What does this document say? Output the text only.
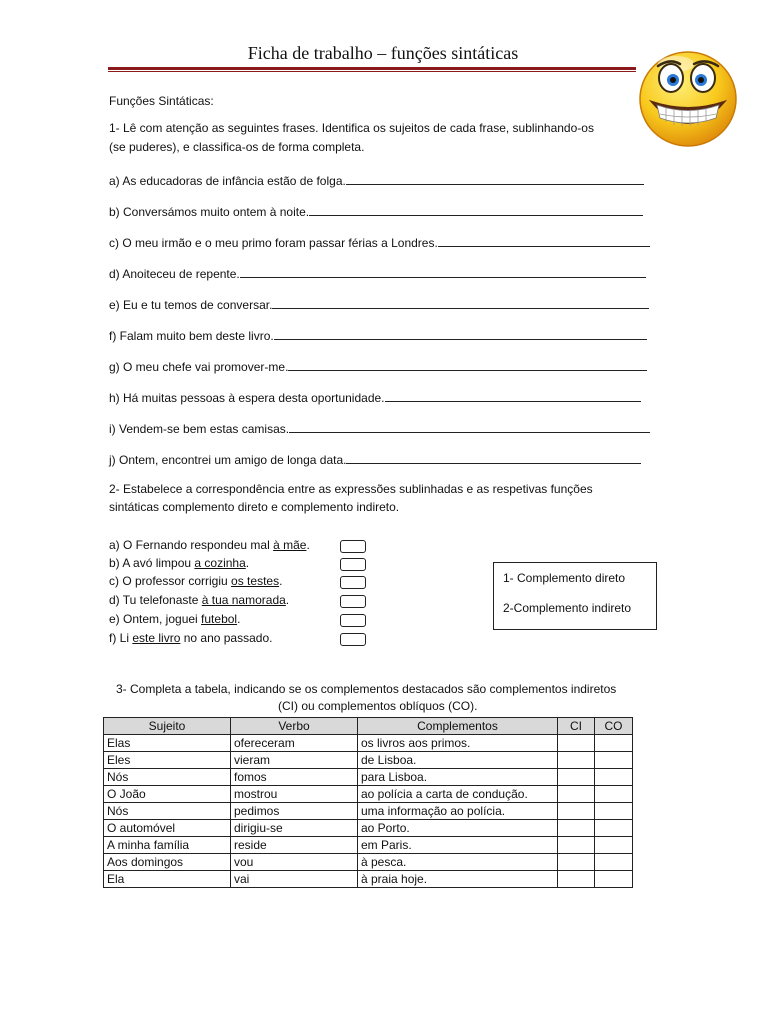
Ficha de trabalho – funções sintáticas
Funções Sintáticas:
1- Lê com atenção as seguintes frases. Identifica os sujeitos de cada frase, sublinhando-os
(se puderes), e classifica-os de forma completa.
a) As educadoras de infância estão de folga.
b) Conversámos muito ontem à noite.
c) O meu irmão e o meu primo foram passar férias a Londres.
d) Anoiteceu de repente.
e) Eu e tu temos de conversar.
f) Falam muito bem deste livro.
g) O meu chefe vai promover-me.
h) Há muitas pessoas à espera desta oportunidade.
i) Vendem-se bem estas camisas.
j) Ontem, encontrei um amigo de longa data.
2- Estabelece a correspondência entre as expressões sublinhadas e as respetivas funções
sintáticas complemento direto e complemento indireto.
a) O Fernando respondeu mal à mãe.
b) A avó limpou a cozinha.
c) O professor corrigiu os testes.
d) Tu telefonaste à tua namorada.
e) Ontem, joguei futebol.
f) Li este livro no ano passado.
1- Complemento direto
2-Complemento indireto
3- Completa a tabela, indicando se os complementos destacados são complementos indiretos
(CI) ou complementos oblíquos (CO).
Sujeito	Verbo	Complementos	CI	CO
Elas	ofereceram	os livros aos primos.		
Eles	vieram	de Lisboa.		
Nós	fomos	para Lisboa.		
O João	mostrou	ao polícia a carta de condução.		
Nós	pedimos	uma informação ao polícia.		
O automóvel	dirigiu-se	ao Porto.		
A minha família	reside	em Paris.		
Aos domingos	vou	à pesca.		
Ela	vai	à praia hoje.		
